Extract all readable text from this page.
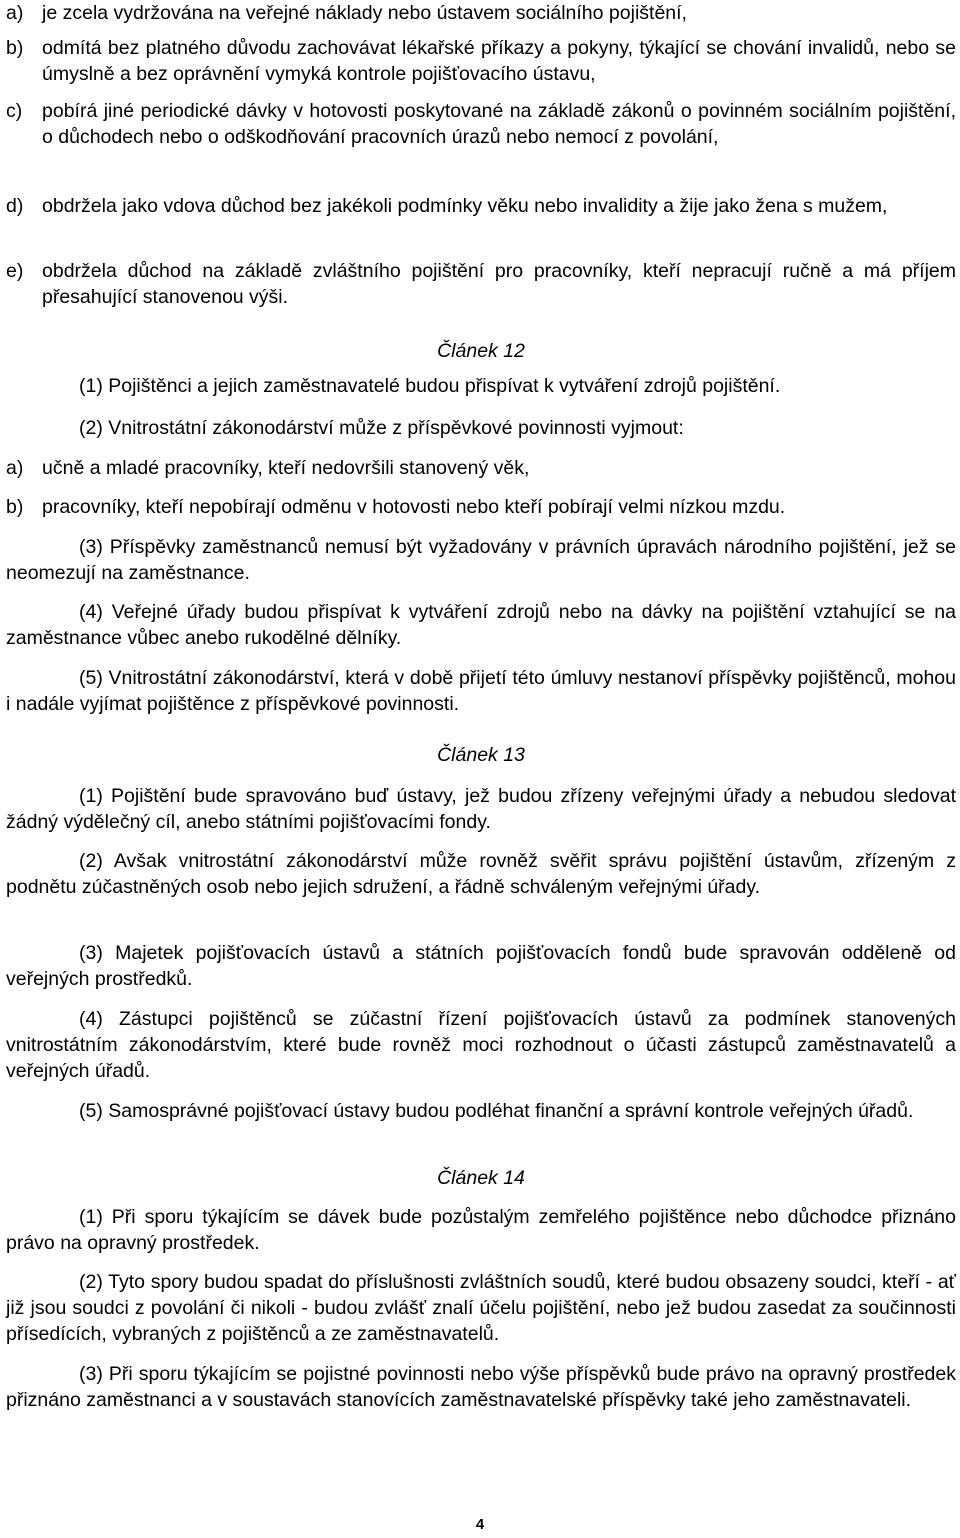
a) je zcela vydržována na veřejné náklady nebo ústavem sociálního pojištění,
b) odmítá bez platného důvodu zachovávat lékařské příkazy a pokyny, týkající se chování invalidů, nebo se úmyslně a bez oprávnění vymyká kontrole pojišťovacího ústavu,
c)	pobírá jiné periodické dávky v hotovosti poskytované na základě zákonů o povinném sociálním pojištění, o důchodech nebo o odškodňování pracovních úrazů nebo nemocí z povolání,
d) obdržela jako vdova důchod bez jakékoli podmínky věku nebo invalidity a žije jako žena s mužem,
e) obdržela důchod na základě zvláštního pojištění pro pracovníky, kteří nepracují ručně a má příjem přesahující stanovenou výši.
Článek 12
(1) Pojištěnci a jejich zaměstnavatelé budou přispívat k vytváření zdrojů pojištění.
(2) Vnitrostátní zákonodárství může z příspěvkové povinnosti vyjmout:
a) učně a mladé pracovníky, kteří nedovršili stanovený věk,
b) pracovníky, kteří nepobírají odměnu v hotovosti nebo kteří pobírají velmi nízkou mzdu.
(3) Příspěvky zaměstnanců nemusí být vyžadovány v právních úpravách národního pojištění, jež se neomezují na zaměstnance.
(4) Veřejné úřady budou přispívat k vytváření zdrojů nebo na dávky na pojištění vztahující se na zaměstnance vůbec anebo rukodělné dělníky.
(5) Vnitrostátní zákonodárství, která v době přijetí této úmluvy nestanoví příspěvky pojištěnců, mohou i nadále vyjímat pojištěnce z příspěvkové povinnosti.
Článek 13
(1) Pojištění bude spravováno buď ústavy, jež budou zřízeny veřejnými úřady a nebudou sledovat žádný výdělečný cíl, anebo státními pojišťovacími fondy.
(2) Avšak vnitrostátní zákonodárství může rovněž svěřit správu pojištění ústavům, zřízeným z podnětu zúčastněných osob nebo jejich sdružení, a řádně schváleným veřejnými úřady.
(3) Majetek pojišťovacích ústavů a státních pojišťovacích fondů bude spravován odděleně od veřejných prostředků.
(4) Zástupci pojištěnců se zúčastní řízení pojišťovacích ústavů za podmínek stanovených vnitrostátním zákonodárstvím, které bude rovněž moci rozhodnout o účasti zástupců zaměstnavatelů a veřejných úřadů.
(5) Samosprávné pojišťovací ústavy budou podléhat finanční a správní kontrole veřejných úřadů.
Článek 14
(1) Při sporu týkajícím se dávek bude pozůstalým zemřelého pojištěnce nebo důchodce přiznáno právo na opravný prostředek.
(2) Tyto spory budou spadat do příslušnosti zvláštních soudů, které budou obsazeny soudci, kteří - ať již jsou soudci z povolání či nikoli - budou zvlášť znalí účelu pojištění, nebo jež budou zasedat za součinnosti přísedících, vybraných z pojištěnců a ze zaměstnavatelů.
(3) Při sporu týkajícím se pojistné povinnosti nebo výše příspěvků bude právo na opravný prostředek přiznáno zaměstnanci a v soustavách stanovících zaměstnavatelské příspěvky také jeho zaměstnavateli.
4
